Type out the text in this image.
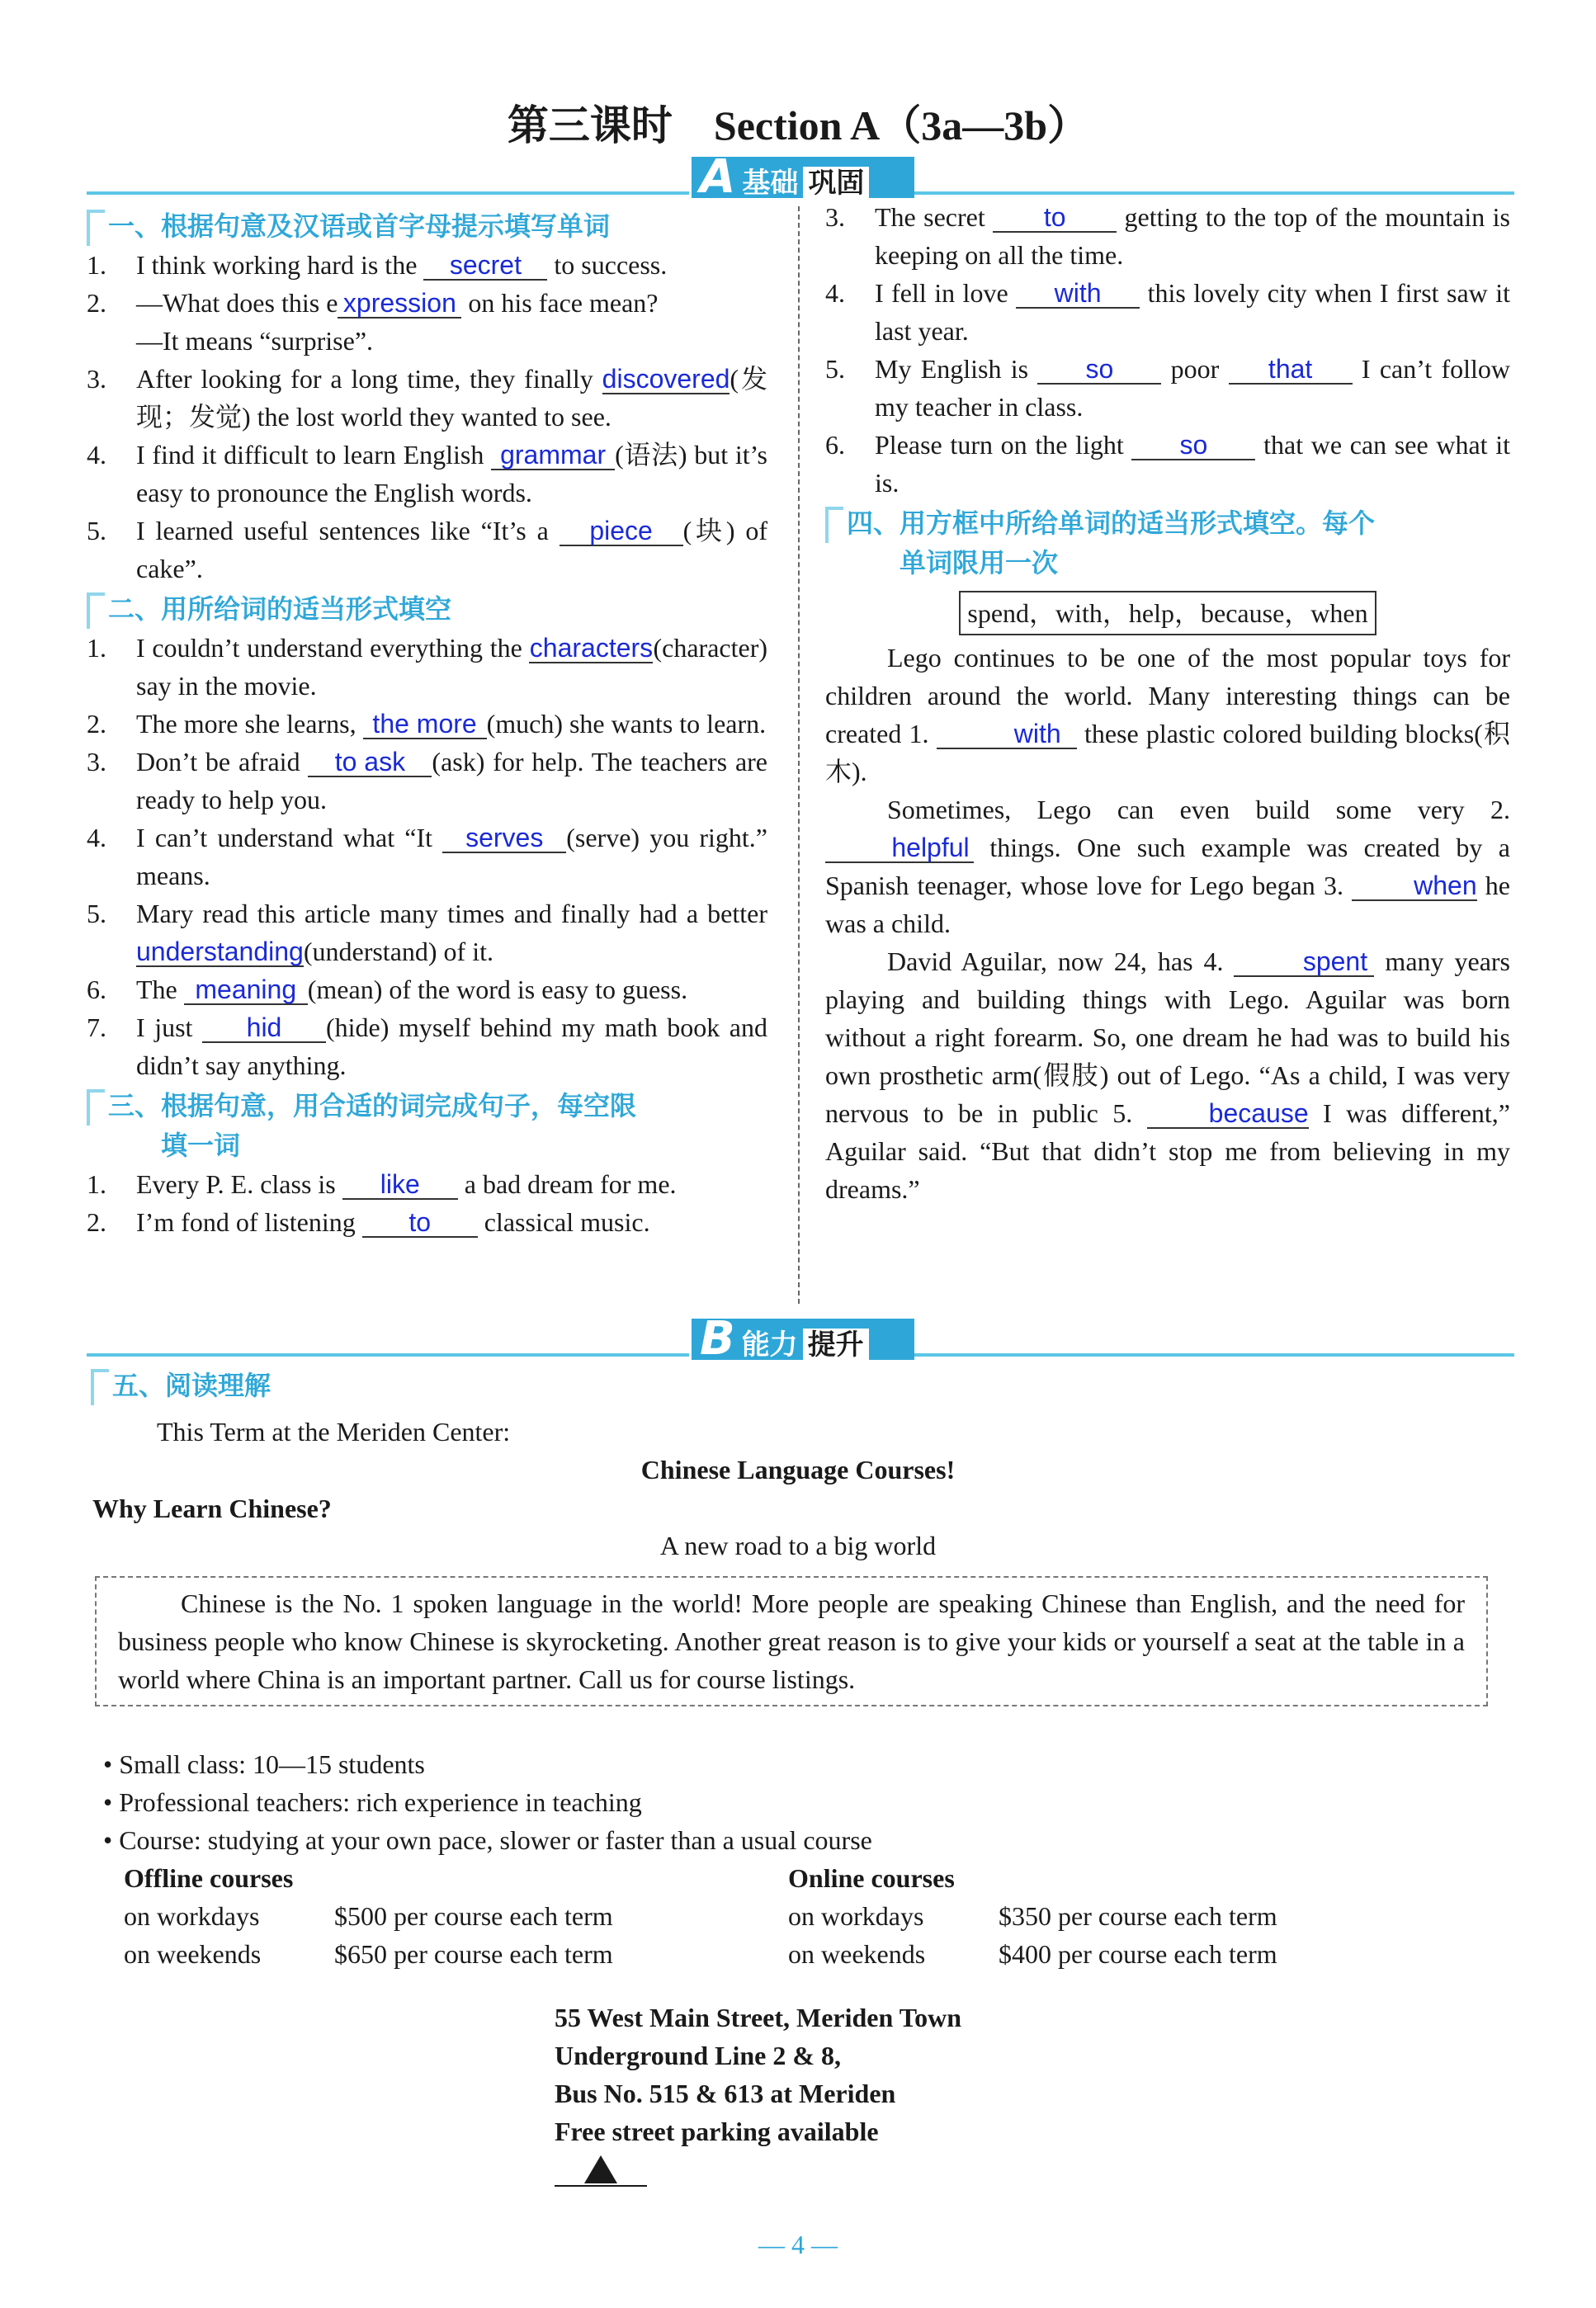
第三课时　Section A（3a—3b）
A基础 巩固
一、根据句意及汉语或首字母提示填写单词
1. I think working hard is the secret to success.
2. —What does this e xpression on his face mean?
—It means “surprise”.
3. After looking for a long time, they finally discovered(发现；发觉) the lost world they wanted to see.
4. I find it difficult to learn English grammar (语法) but it’s easy to pronounce the English words.
5. I learned useful sentences like “It’s a piece (块) of cake”.
二、用所给词的适当形式填空
1. I couldn’t understand everything the characters(character) say in the movie.
2. The more she learns, the more (much) she wants to learn.
3. Don’t be afraid to ask (ask) for help. The teachers are ready to help you.
4. I can’t understand what “It serves (serve) you right.” means.
5. Mary read this article many times and finally had a better understanding(understand) of it.
6. The meaning (mean) of the word is easy to guess.
7. I just hid (hide) myself behind my math book and didn’t say anything.
三、根据句意，用合适的词完成句子，每空限
填一词
1. Every P. E. class is like a bad dream for me.
2. I’m fond of listening to classical music.
3. The secret to getting to the top of the mountain is keeping on all the time.
4. I fell in love with this lovely city when I first saw it last year.
5. My English is so poor that I can’t follow my teacher in class.
6. Please turn on the light so that we can see what it is.
四、用方框中所给单词的适当形式填空。每个
单词限用一次
spend，with，help，because，when
Lego continues to be one of the most popular toys for children around the world. Many interesting things can be created 1.	with these plastic colored building blocks(积木).
Sometimes, Lego can even build some very 2. helpful things. One such example was created by a Spanish teenager, whose love for Lego began 3. when he was a child.
David Aguilar, now 24, has 4.	spent many years playing and building things with Lego. Aguilar was born without a right forearm. So, one dream he had was to build his own prosthetic arm(假肢) out of Lego. “As a child, I was very nervous to be in public 5. because I was different,” Aguilar said. “But that didn’t stop me from believing in my dreams.”
B能力 提升
五、阅读理解
This Term at the Meriden Center:
Chinese Language Courses!
Why Learn Chinese?
A new road to a big world
Chinese is the No. 1 spoken language in the world! More people are speaking Chinese than English, and the need for business people who know Chinese is skyrocketing. Another great reason is to give your kids or yourself a seat at the table in a world where China is an important partner. Call us for course listings.
• Small class: 10—15 students
• Professional teachers: rich experience in teaching
• Course: studying at your own pace, slower or faster than a usual course
Offline courses
on workdays	$500 per course each term
on weekends	$650 per course each term
Online courses
on workdays	$350 per course each term
on weekends	$400 per course each term
55 West Main Street, Meriden Town
Underground Line 2 & 8,
Bus No. 515 & 613 at Meriden
Free street parking available
— 4 —
